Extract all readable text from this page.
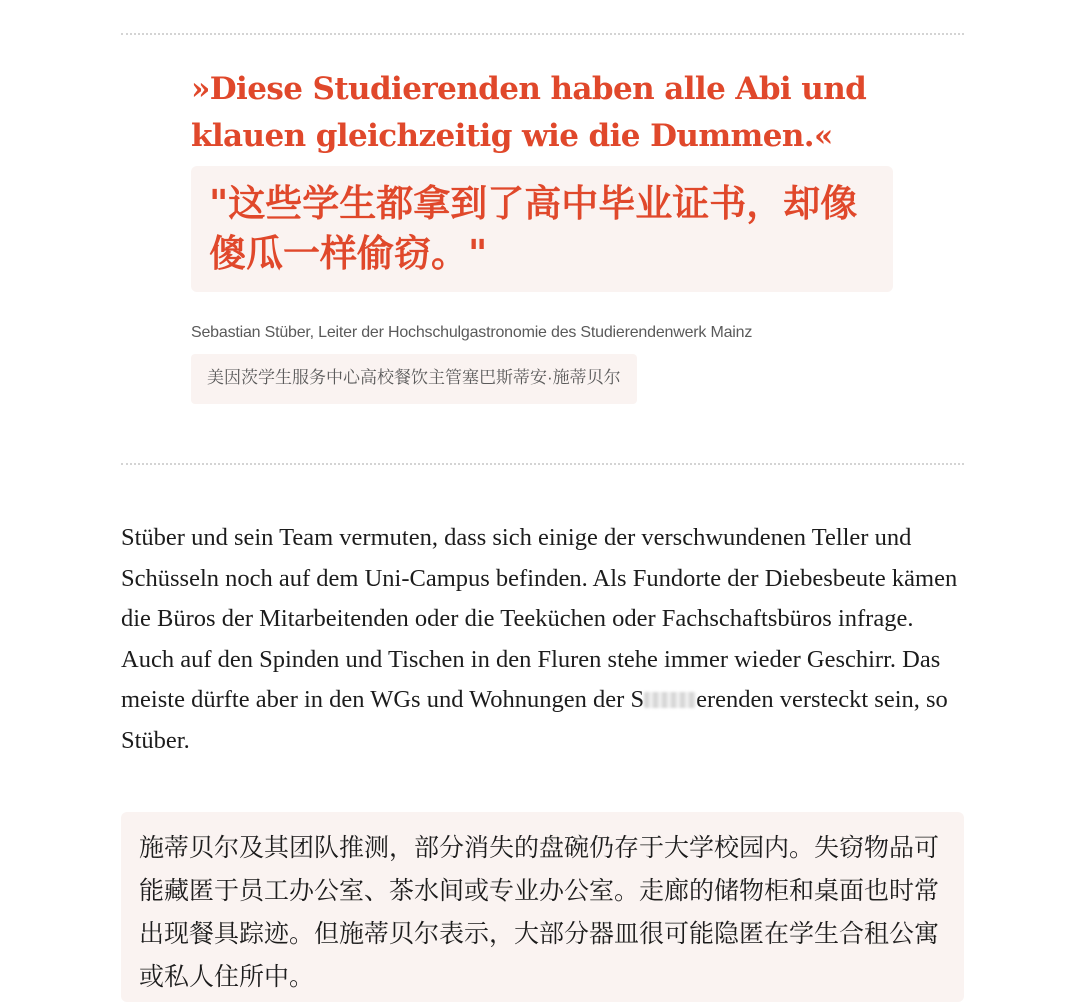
»Diese Studierenden haben alle Abi und klauen gleichzeitig wie die Dummen.«

"这些学生都拿到了高中毕业证书，却像傻瓜一样偷窃。"

Sebastian Stüber, Leiter der Hochschulgastronomie des Studierendenwerk Mainz

美因茨学生服务中心高校餐饮主管塞巴斯蒂安·施蒂贝尔

Stüber und sein Team vermuten, dass sich einige der verschwundenen Teller und Schüsseln noch auf dem Uni-Campus befinden. Als Fundorte der Diebesbeute kämen die Büros der Mitarbeitenden oder die Teeküchen oder Fachschaftsbüros infrage. Auch auf den Spinden und Tischen in den Fluren stehe immer wieder Geschirr. Das meiste dürfte aber in den WGs und Wohnungen der S erenden versteckt sein, so Stüber.

施蒂贝尔及其团队推测，部分消失的盘碗仍存于大学校园内。失窃物品可能藏匿于员工办公室、茶水间或专业办公室。走廊的储物柜和桌面也时常出现餐具踪迹。但施蒂贝尔表示，大部分器皿很可能隐匿在学生合租公寓或私人住所中。
